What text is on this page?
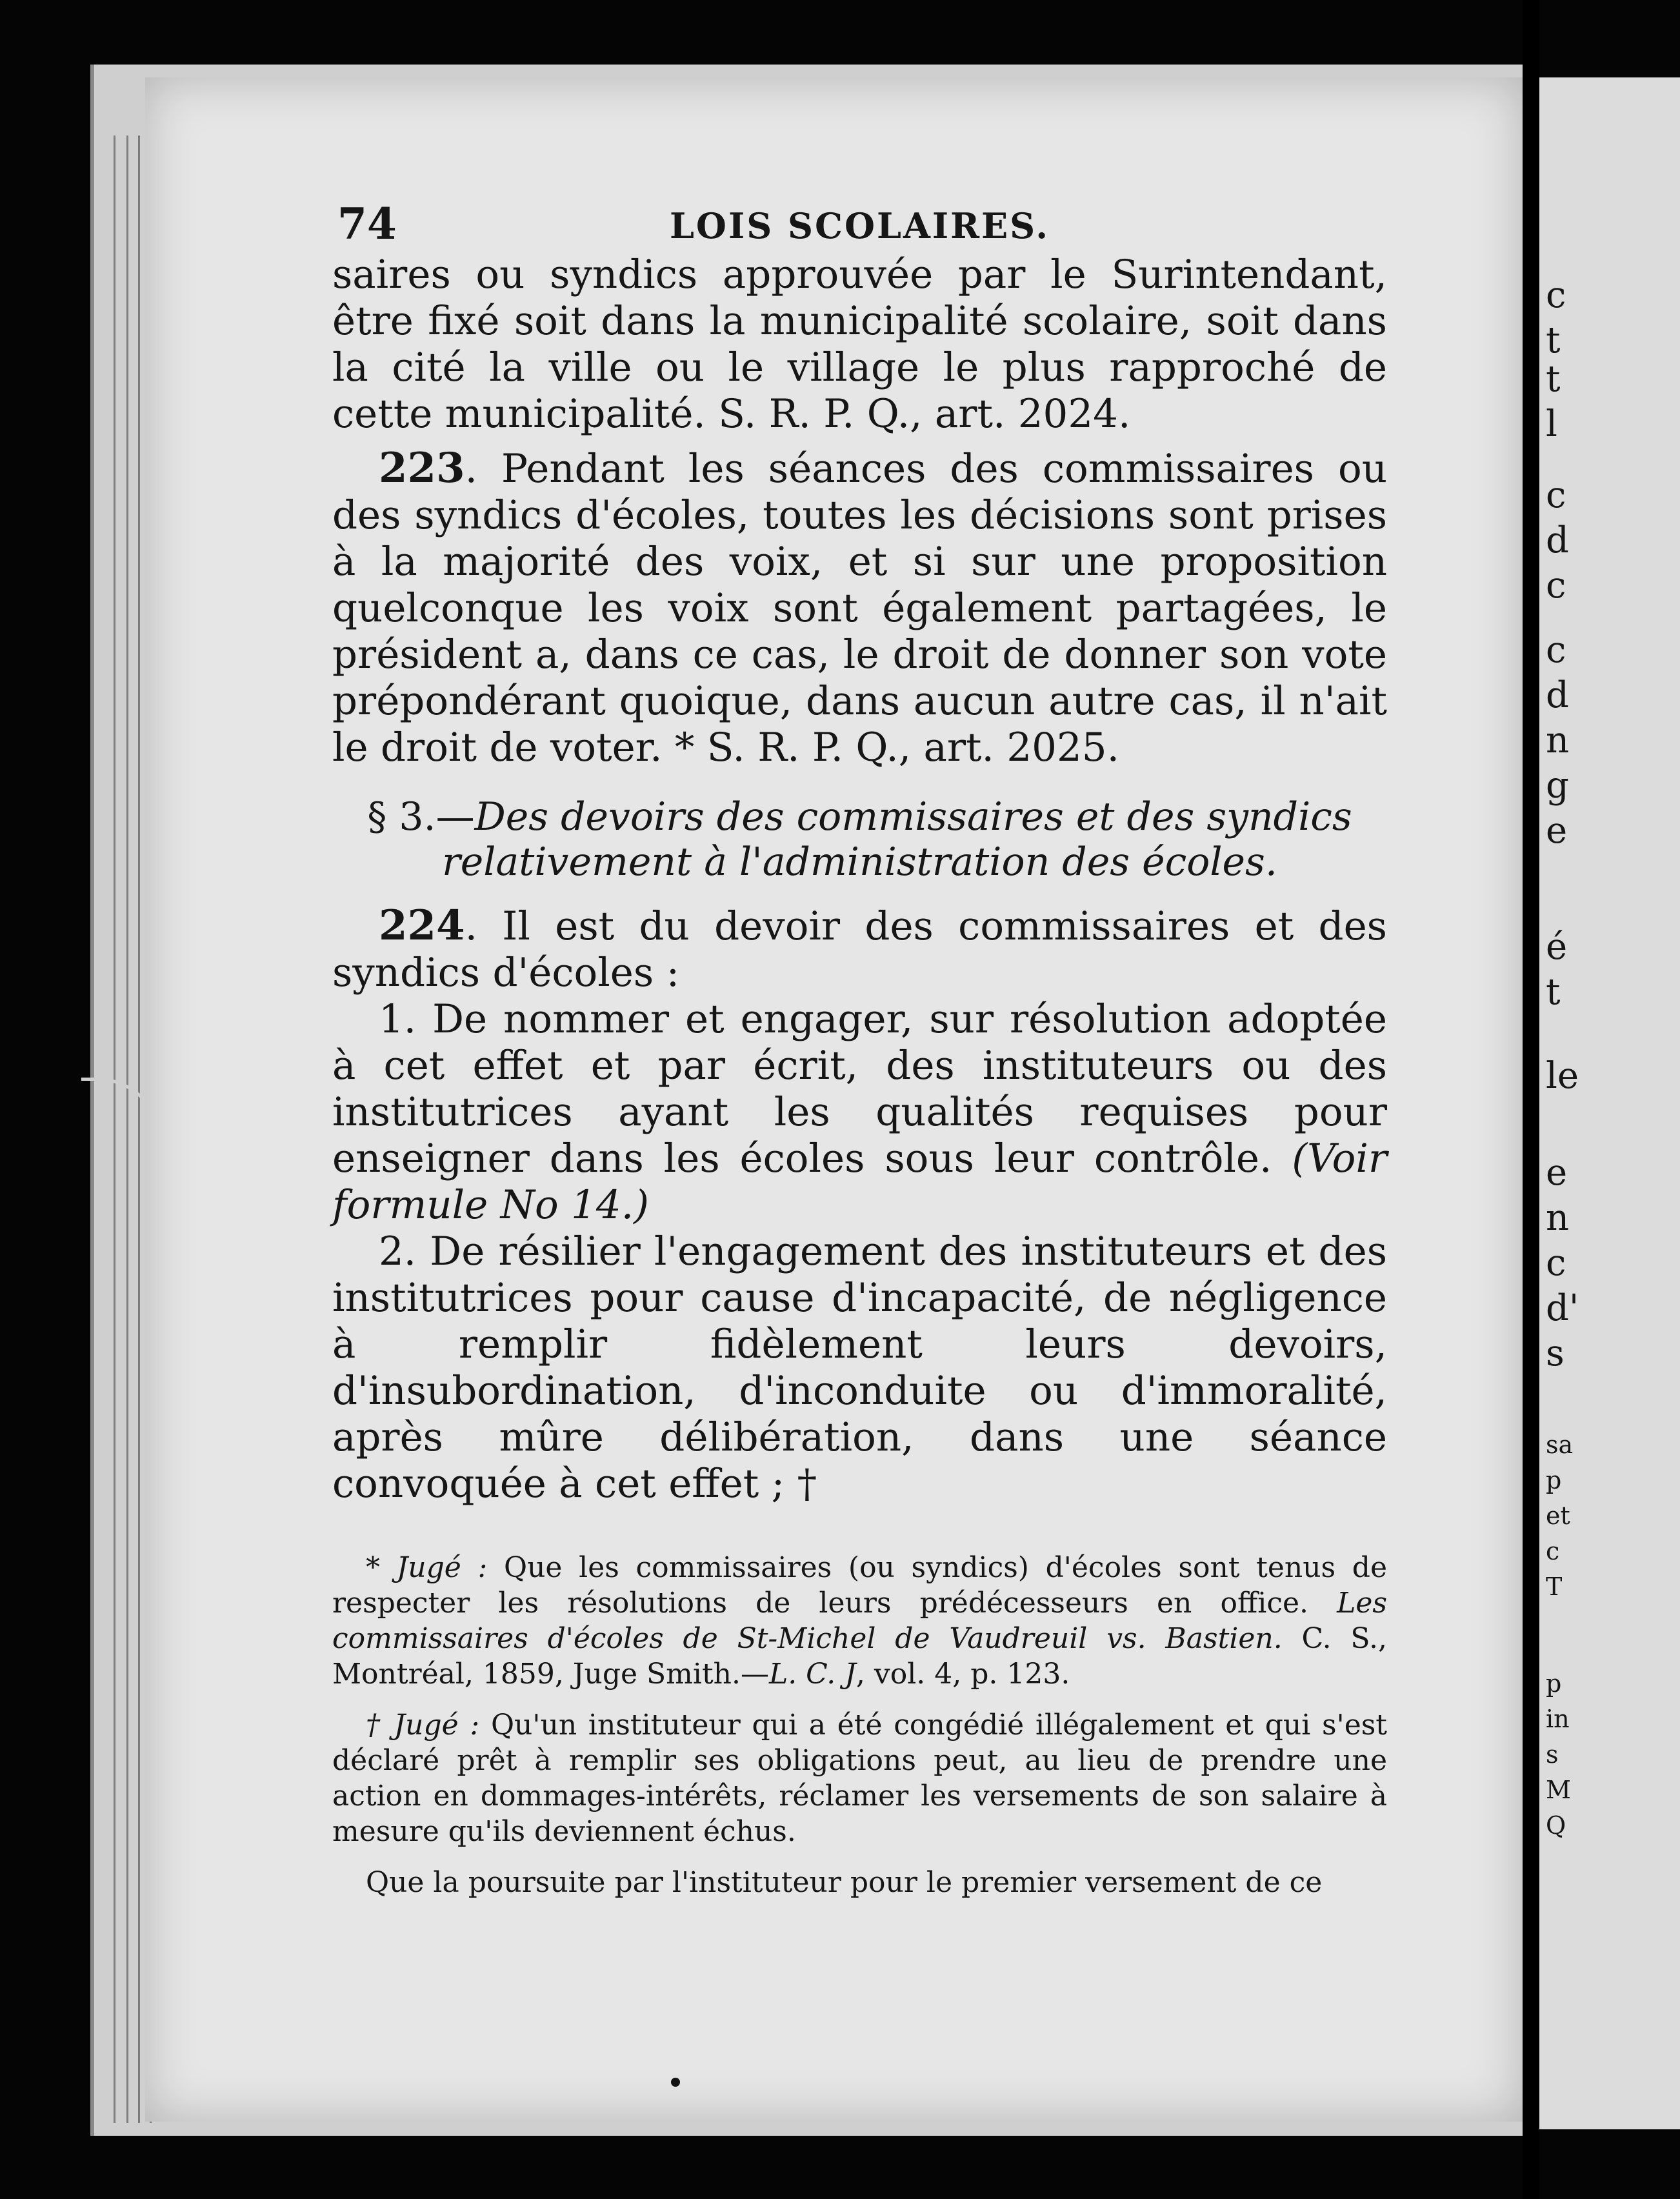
74	LOIS SCOLAIRES.

saires ou syndics approuvée par le Surintendant, être fixé soit dans la municipalité scolaire, soit dans la cité la ville ou le village le plus rapproché de cette municipalité. S. R. P. Q., art. 2024.

223. Pendant les séances des commissaires ou des syndics d'écoles, toutes les décisions sont prises à la majorité des voix, et si sur une proposition quelconque les voix sont également partagées, le président a, dans ce cas, le droit de donner son vote prépondérant quoique, dans aucun autre cas, il n'ait le droit de voter. * S. R. P. Q., art. 2025.

§ 3.—Des devoirs des commissaires et des syndics relativement à l'administration des écoles.

224. Il est du devoir des commissaires et des syndics d'écoles :

1. De nommer et engager, sur résolution adoptée à cet effet et par écrit, des instituteurs ou des institutrices ayant les qualités requises pour enseigner dans les écoles sous leur contrôle. (Voir formule No 14.)

2. De résilier l'engagement des instituteurs et des institutrices pour cause d'incapacité, de négligence à remplir fidèlement leurs devoirs, d'insubordination, d'inconduite ou d'immoralité, après mûre délibération, dans une séance convoquée à cet effet ; †

* Jugé : Que les commissaires (ou syndics) d'écoles sont tenus de respecter les résolutions de leurs prédécesseurs en office. Les commissaires d'écoles de St-Michel de Vaudreuil vs. Bastien. C. S., Montréal, 1859, Juge Smith.—L. C. J, vol. 4, p. 123.

† Jugé : Qu'un instituteur qui a été congédié illégalement et qui s'est déclaré prêt à remplir ses obligations peut, au lieu de prendre une action en dommages-intérêts, réclamer les versements de son salaire à mesure qu'ils deviennent échus.

Que la poursuite par l'instituteur pour le premier versement de ce

c
t
t
l
c
d
c
c
d
n
g
e
é
t
le
e
n
c
d'
s
sa
p
et
c
T
p
in
s
M
Q
